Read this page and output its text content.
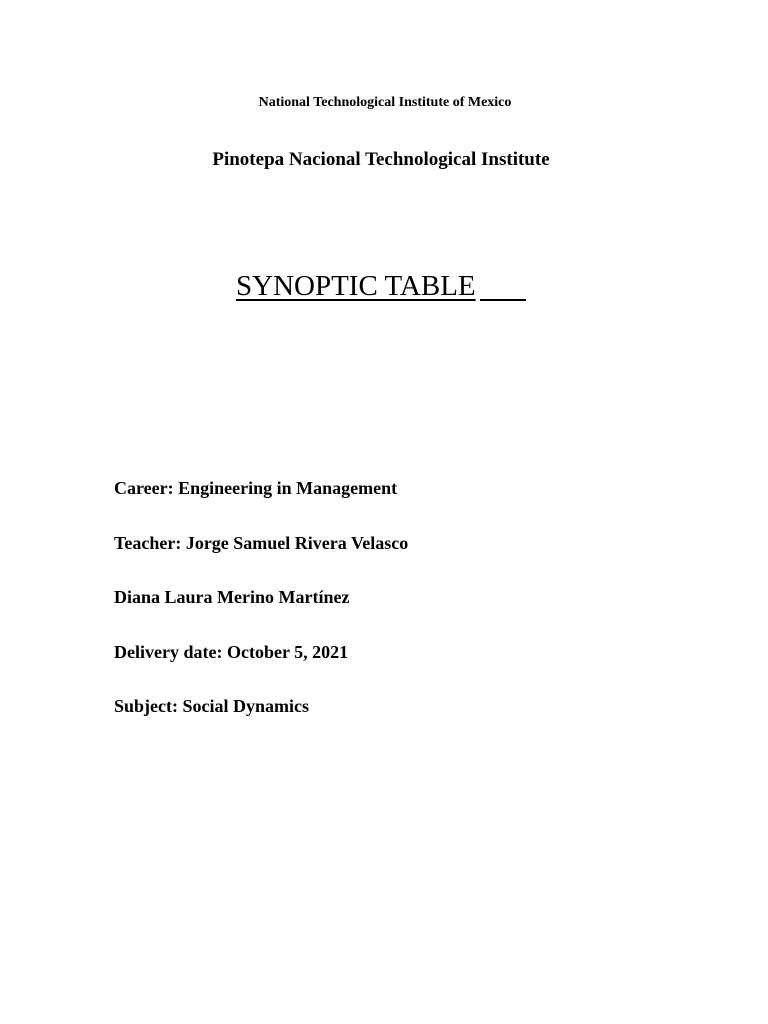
National Technological Institute of Mexico
Pinotepa Nacional Technological Institute
SYNOPTIC TABLE
Career: Engineering in Management
Teacher: Jorge Samuel Rivera Velasco
Diana Laura Merino Martínez
Delivery date: October 5, 2021
Subject: Social Dynamics
